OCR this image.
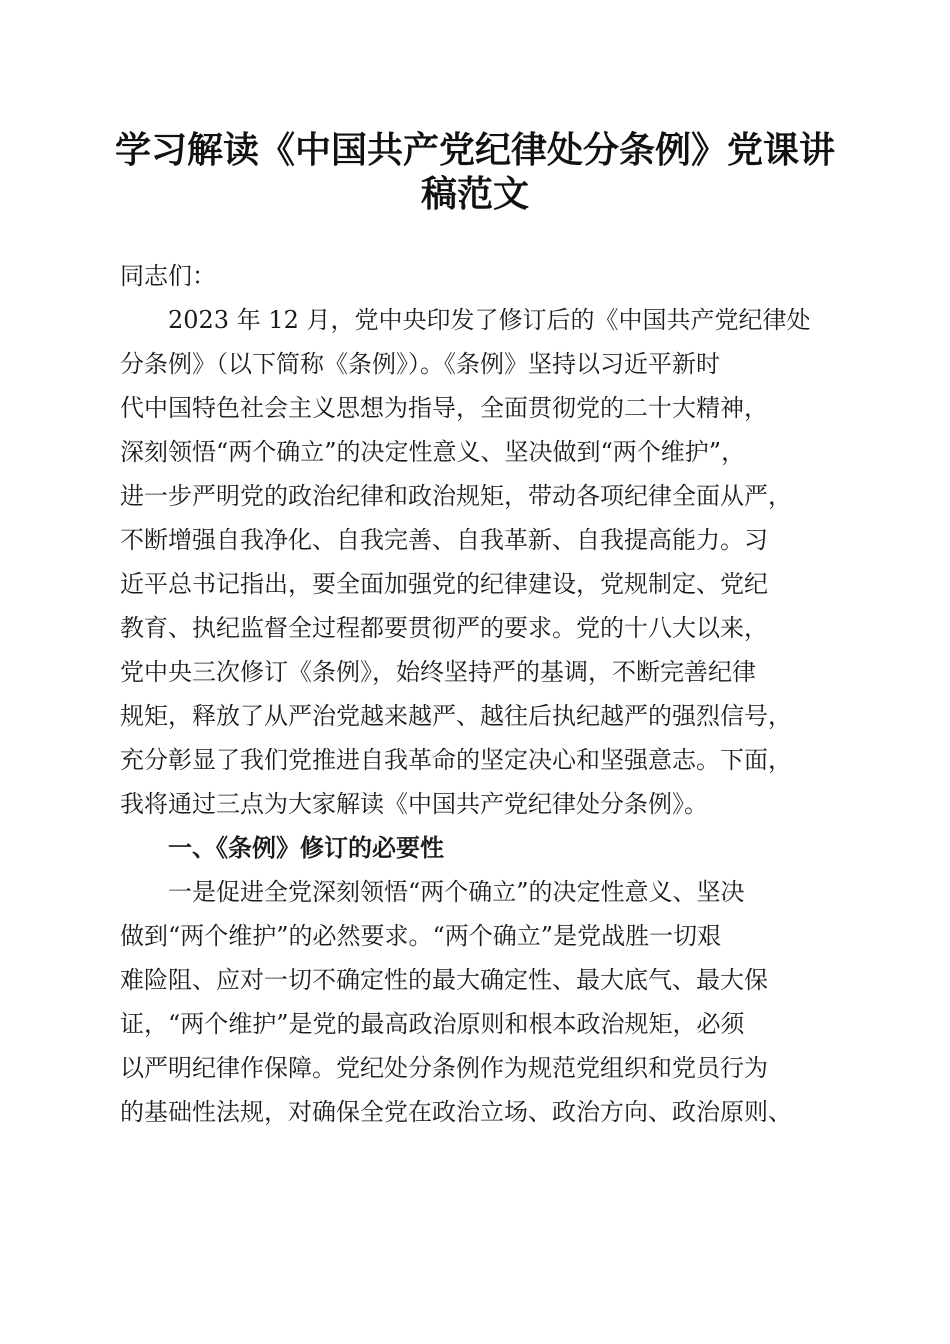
学习解读《中国共产党纪律处分条例》党课讲
稿范文
同志们：
2023 年 12 月，党中央印发了修订后的《中国共产党纪律处
分条例》（以下简称《条例》）。《条例》坚持以习近平新时
代中国特色社会主义思想为指导，全面贯彻党的二十大精神，
深刻领悟“两个确立”的决定性意义、坚决做到“两个维护”，
进一步严明党的政治纪律和政治规矩，带动各项纪律全面从严，
不断增强自我净化、自我完善、自我革新、自我提高能力。习
近平总书记指出，要全面加强党的纪律建设，党规制定、党纪
教育、执纪监督全过程都要贯彻严的要求。党的十八大以来，
党中央三次修订《条例》，始终坚持严的基调，不断完善纪律
规矩，释放了从严治党越来越严、越往后执纪越严的强烈信号，
充分彰显了我们党推进自我革命的坚定决心和坚强意志。下面，
我将通过三点为大家解读《中国共产党纪律处分条例》。
一、《条例》修订的必要性
一是促进全党深刻领悟“两个确立”的决定性意义、坚决
做到“两个维护”的必然要求。“两个确立”是党战胜一切艰
难险阻、应对一切不确定性的最大确定性、最大底气、最大保
证，“两个维护”是党的最高政治原则和根本政治规矩，必须
以严明纪律作保障。党纪处分条例作为规范党组织和党员行为
的基础性法规，对确保全党在政治立场、政治方向、政治原则、
